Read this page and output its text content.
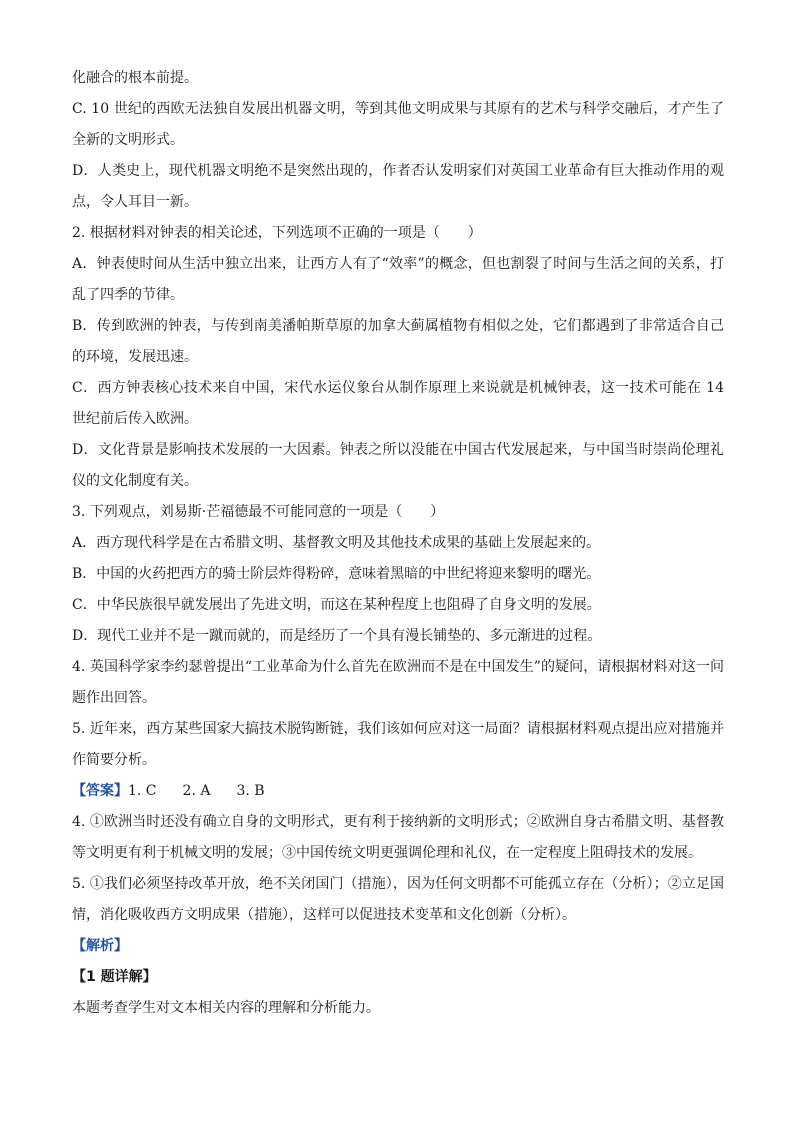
化融合的根本前提。

C. 10 世纪的西欧无法独自发展出机器文明，等到其他文明成果与其原有的艺术与科学交融后，才产生了全新的文明形式。

D．人类史上，现代机器文明绝不是突然出现的，作者否认发明家们对英国工业革命有巨大推动作用的观点，令人耳目一新。

2. 根据材料对钟表的相关论述，下列选项不正确的一项是（　　）

A．钟表使时间从生活中独立出来，让西方人有了“效率”的概念，但也割裂了时间与生活之间的关系，打乱了四季的节律。

B．传到欧洲的钟表，与传到南美潘帕斯草原的加拿大蓟属植物有相似之处，它们都遇到了非常适合自己的环境，发展迅速。

C．西方钟表核心技术来自中国，宋代水运仪象台从制作原理上来说就是机械钟表，这一技术可能在 14 世纪前后传入欧洲。

D．文化背景是影响技术发展的一大因素。钟表之所以没能在中国古代发展起来，与中国当时崇尚伦理礼仪的文化制度有关。

3. 下列观点，刘易斯·芒福德最不可能同意的一项是（　　）

A．西方现代科学是在古希腊文明、基督教文明及其他技术成果的基础上发展起来的。

B．中国的火药把西方的骑士阶层炸得粉碎，意味着黑暗的中世纪将迎来黎明的曙光。

C．中华民族很早就发展出了先进文明，而这在某种程度上也阻碍了自身文明的发展。

D．现代工业并不是一蹴而就的，而是经历了一个具有漫长铺垫的、多元渐进的过程。

4. 英国科学家李约瑟曾提出“工业革命为什么首先在欧洲而不是在中国发生”的疑问，请根据材料对这一问题作出回答。

5. 近年来，西方某些国家大搞技术脱钩断链，我们该如何应对这一局面？请根据材料观点提出应对措施并作简要分析。

【答案】1. C 2. A 3. B

4. ①欧洲当时还没有确立自身的文明形式，更有利于接纳新的文明形式；②欧洲自身古希腊文明、基督教等文明更有利于机械文明的发展；③中国传统文明更强调伦理和礼仪，在一定程度上阻碍技术的发展。

5. ①我们必须坚持改革开放，绝不关闭国门（措施），因为任何文明都不可能孤立存在（分析）；②立足国情，消化吸收西方文明成果（措施），这样可以促进技术变革和文化创新（分析）。

【解析】

【1 题详解】

本题考查学生对文本相关内容的理解和分析能力。
